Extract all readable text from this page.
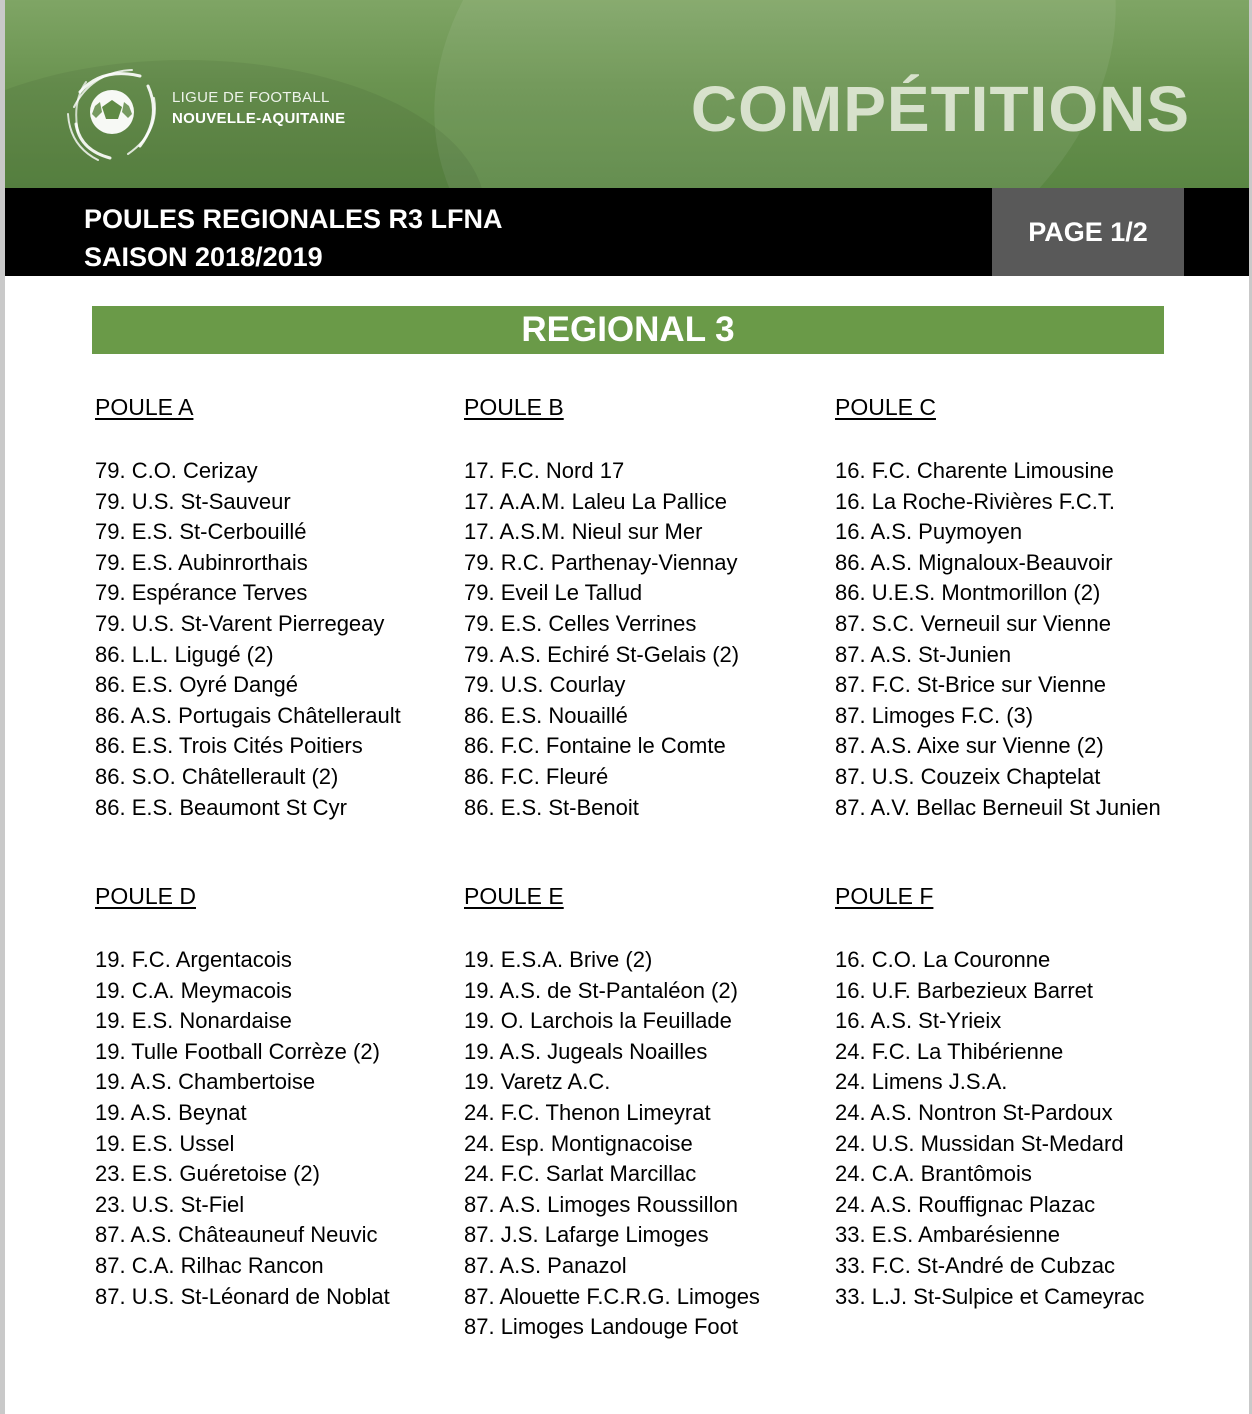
LIGUE DE FOOTBALL
NOUVELLE-AQUITAINE	COMPÉTITIONS
POULES REGIONALES R3 LFNA
SAISON 2018/2019
PAGE 1/2
REGIONAL 3
POULE A
79. C.O. Cerizay
79. U.S. St-Sauveur
79. E.S. St-Cerbouillé
79. E.S. Aubinrorthais
79. Espérance Terves
79. U.S. St-Varent Pierregeay
86. L.L. Ligugé (2)
86. E.S. Oyré Dangé
86. A.S. Portugais Châtellerault
86. E.S. Trois Cités Poitiers
86. S.O. Châtellerault (2)
86. E.S. Beaumont St Cyr
POULE B
17. F.C. Nord 17
17. A.A.M. Laleu La Pallice
17. A.S.M. Nieul sur Mer
79. R.C. Parthenay-Viennay
79. Eveil Le Tallud
79. E.S. Celles Verrines
79. A.S. Echiré St-Gelais (2)
79. U.S. Courlay
86. E.S. Nouaillé
86. F.C. Fontaine le Comte
86. F.C. Fleuré
86. E.S. St-Benoit
POULE C
16. F.C. Charente Limousine
16. La Roche-Rivières F.C.T.
16. A.S. Puymoyen
86. A.S. Mignaloux-Beauvoir
86. U.E.S. Montmorillon (2)
87. S.C. Verneuil sur Vienne
87. A.S. St-Junien
87. F.C. St-Brice sur Vienne
87. Limoges F.C. (3)
87. A.S. Aixe sur Vienne (2)
87. U.S. Couzeix Chaptelat
87. A.V. Bellac Berneuil St Junien
POULE D
19. F.C. Argentacois
19. C.A. Meymacois
19. E.S. Nonardaise
19. Tulle Football Corrèze (2)
19. A.S. Chambertoise
19. A.S. Beynat
19. E.S. Ussel
23. E.S. Guéretoise (2)
23. U.S. St-Fiel
87. A.S. Châteauneuf Neuvic
87. C.A. Rilhac Rancon
87. U.S. St-Léonard de Noblat
POULE E
19. E.S.A. Brive (2)
19. A.S. de St-Pantaléon (2)
19. O. Larchois la Feuillade
19. A.S. Jugeals Noailles
19. Varetz A.C.
24. F.C. Thenon Limeyrat
24. Esp. Montignacoise
24. F.C. Sarlat Marcillac
87. A.S. Limoges Roussillon
87. J.S. Lafarge Limoges
87. A.S. Panazol
87. Alouette F.C.R.G. Limoges
87. Limoges Landouge Foot
POULE F
16. C.O. La Couronne
16. U.F. Barbezieux Barret
16. A.S. St-Yrieix
24. F.C. La Thibérienne
24. Limens J.S.A.
24. A.S. Nontron St-Pardoux
24. U.S. Mussidan St-Medard
24. C.A. Brantômois
24. A.S. Rouffignac Plazac
33. E.S. Ambarésienne
33. F.C. St-André de Cubzac
33. L.J. St-Sulpice et Cameyrac
